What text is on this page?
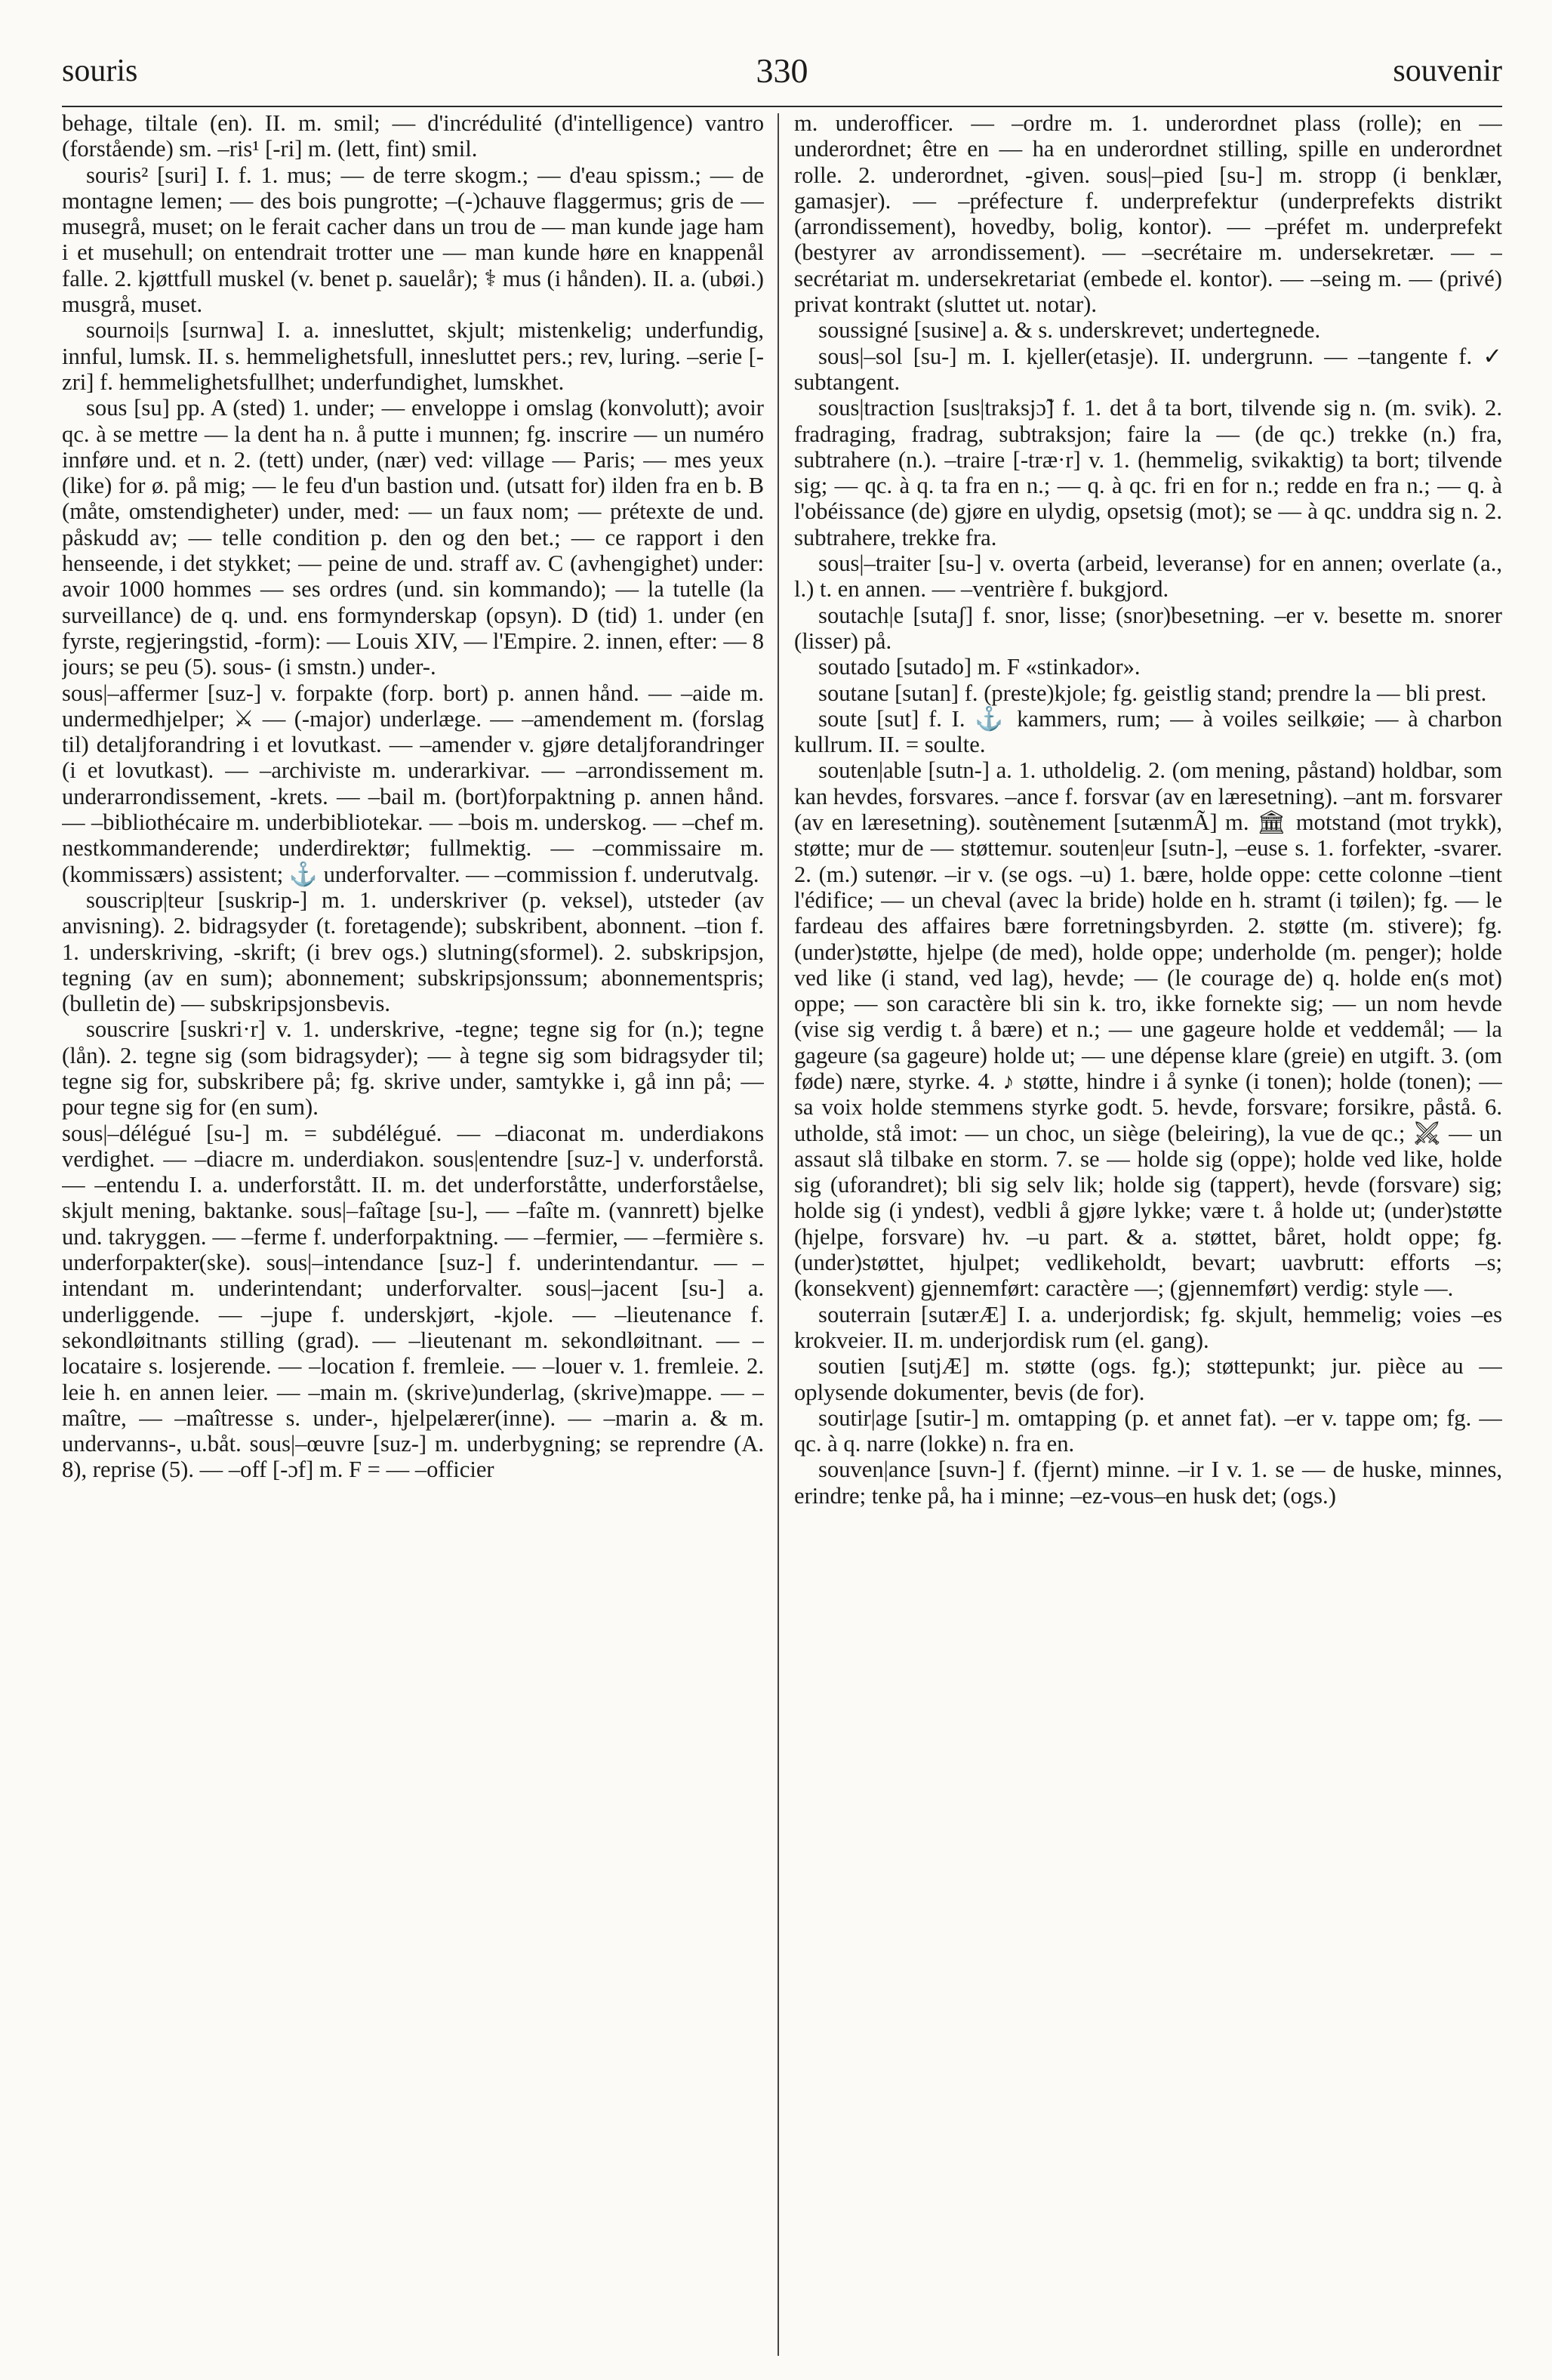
souris	330	souvenir

behage, tiltale (en). II. m. smil; — d'incrédulité (d'intelligence) vantro (forstående) sm. –ris¹ [-ri] m. (lett, fint) smil.

souris² [suri] I. f. 1. mus; — de terre skogm.; — d'eau spissm.; — de montagne lemen; — des bois pungrotte; –(-)chauve flaggermus; gris de — musegrå, muset; on le ferait cacher dans un trou de — man kunde jage ham i et musehull; on entendrait trotter une — man kunde høre en knappenål falle. 2. kjøttfull muskel (v. benet p. sauelår); ⚕ mus (i hånden). II. a. (ubøi.) musgrå, muset.

sournoi|s [surnwa] I. a. innesluttet, skjult; mistenkelig; underfundig, innful, lumsk. II. s. hemmelighetsfull, innesluttet pers.; rev, luring. –serie [-zri] f. hemmelighetsfullhet; underfundighet, lumskhet.

sous [su] pp. A (sted) 1. under; — enveloppe i omslag (konvolutt); avoir qc. à se mettre — la dent ha n. å putte i munnen; fg. inscrire — un numéro innføre und. et n. 2. (tett) under, (nær) ved: village — Paris; — mes yeux (like) for ø. på mig; — le feu d'un bastion und. (utsatt for) ilden fra en b. B (måte, omstendigheter) under, med: — un faux nom; — prétexte de und. påskudd av; — telle condition p. den og den bet.; — ce rapport i den henseende, i det stykket; — peine de und. straff av. C (avhengighet) under: avoir 1000 hommes — ses ordres (und. sin kommando); — la tutelle (la surveillance) de q. und. ens formynderskap (opsyn). D (tid) 1. under (en fyrste, regjeringstid, -form): — Louis XIV, — l'Empire. 2. innen, efter: — 8 jours; se peu (5). sous- (i smstn.) under-.

sous|–affermer [suz-] v. forpakte (forp. bort) p. annen hånd. — –aide m. undermedhjelper; ⚔ — (-major) underlæge. — –amendement m. (forslag til) detaljforandring i et lovutkast. — –amender v. gjøre detaljforandringer (i et lovutkast). — –archiviste m. underarkivar. — –arrondissement m. underarrondissement, -krets. — –bail m. (bort)forpaktning p. annen hånd. — –bibliothécaire m. underbibliotekar. — –bois m. underskog. — –chef m. nestkommanderende; underdirektør; fullmektig. — –commissaire m. (kommissærs) assistent; ⚓ underforvalter. — –commission f. underutvalg.

souscrip|teur [suskrip-] m. 1. underskriver (p. veksel), utsteder (av anvisning). 2. bidragsyder (t. foretagende); subskribent, abonnent. –tion f. 1. underskriving, -skrift; (i brev ogs.) slutning(sformel). 2. subskripsjon, tegning (av en sum); abonnement; subskripsjonssum; abonnementspris; (bulletin de) — subskripsjonsbevis.

souscrire [suskri·r] v. 1. underskrive, -tegne; tegne sig for (n.); tegne (lån). 2. tegne sig (som bidragsyder); — à tegne sig som bidragsyder til; tegne sig for, subskribere på; fg. skrive under, samtykke i, gå inn på; — pour tegne sig for (en sum).

sous|–délégué [su-] m. = subdélégué. — –diaconat m. underdiakons verdighet. — –diacre m. underdiakon. sous|entendre [suz-] v. underforstå. — –entendu I. a. underforstått. II. m. det underforståtte, underforståelse, skjult mening, baktanke. sous|–faîtage [su-], — –faîte m. (vannrett) bjelke und. takryggen. — –ferme f. underforpaktning. — –fermier, — –fermière s. underforpakter(ske). sous|–intendance [suz-] f. underintendantur. — –intendant m. underintendant; underforvalter. sous|–jacent [su-] a. underliggende. — –jupe f. underskjørt, -kjole. — –lieutenance f. sekondløitnants stilling (grad). — –lieutenant m. sekondløitnant. — –locataire s. losjerende. — –location f. fremleie. — –louer v. 1. fremleie. 2. leie h. en annen leier. — –main m. (skrive)underlag, (skrive)mappe. — –maître, — –maîtresse s. under-, hjelpelærer(inne). — –marin a. & m. undervanns-, u.båt. sous|–œuvre [suz-] m. underbygning; se reprendre (A. 8), reprise (5). — –off [-ɔf] m. F = — –officier

m. underofficer. — –ordre m. 1. underordnet plass (rolle); en — underordnet; être en — ha en underordnet stilling, spille en underordnet rolle. 2. underordnet, -given. sous|–pied [su-] m. stropp (i benklær, gamasjer). — –préfecture f. underprefektur (underprefekts distrikt (arrondissement), hovedby, bolig, kontor). — –préfet m. underprefekt (bestyrer av arrondissement). — –secrétaire m. undersekretær. — –secrétariat m. undersekretariat (embede el. kontor). — –seing m. — (privé) privat kontrakt (sluttet ut. notar).

soussigné [susiɴe] a. & s. underskrevet; undertegnede.

sous|–sol [su-] m. I. kjeller(etasje). II. undergrunn. — –tangente f. ✓ subtangent.

sous|traction [sus|traksjɔ̃] f. 1. det å ta bort, tilvende sig n. (m. svik). 2. fradraging, fradrag, subtraksjon; faire la — (de qc.) trekke (n.) fra, subtrahere (n.). –traire [-træ·r] v. 1. (hemmelig, svikaktig) ta bort; tilvende sig; — qc. à q. ta fra en n.; — q. à qc. fri en for n.; redde en fra n.; — q. à l'obéissance (de) gjøre en ulydig, opsetsig (mot); se — à qc. unddra sig n. 2. subtrahere, trekke fra.

sous|–traiter [su-] v. overta (arbeid, leveranse) for en annen; overlate (a., l.) t. en annen. — –ventrière f. bukgjord.

soutach|e [sutaʃ] f. snor, lisse; (snor)besetning. –er v. besette m. snorer (lisser) på.

soutado [sutado] m. F «stinkador».

soutane [sutan] f. (preste)kjole; fg. geistlig stand; prendre la — bli prest.

soute [sut] f. I. ⚓ kammers, rum; — à voiles seilkøie; — à charbon kullrum. II. = soulte.

souten|able [sutn-] a. 1. utholdelig. 2. (om mening, påstand) holdbar, som kan hevdes, forsvares. –ance f. forsvar (av en læresetning). –ant m. forsvarer (av en læresetning). soutènement [sutænmÃ] m. 🏛 motstand (mot trykk), støtte; mur de — støttemur. souten|eur [sutn-], –euse s. 1. forfekter, -svarer. 2. (m.) sutenør. –ir v. (se ogs. –u) 1. bære, holde oppe: cette colonne –tient l'édifice; — un cheval (avec la bride) holde en h. stramt (i tøilen); fg. — le fardeau des affaires bære forretningsbyrden. 2. støtte (m. stivere); fg. (under)støtte, hjelpe (de med), holde oppe; underholde (m. penger); holde ved like (i stand, ved lag), hevde; — (le courage de) q. holde en(s mot) oppe; — son caractère bli sin k. tro, ikke fornekte sig; — un nom hevde (vise sig verdig t. å bære) et n.; — une gageure holde et veddemål; — la gageure (sa gageure) holde ut; — une dépense klare (greie) en utgift. 3. (om føde) nære, styrke. 4. ♪ støtte, hindre i å synke (i tonen); holde (tonen); — sa voix holde stemmens styrke godt. 5. hevde, forsvare; forsikre, påstå. 6. utholde, stå imot: — un choc, un siège (beleiring), la vue de qc.; ⚔ — un assaut slå tilbake en storm. 7. se — holde sig (oppe); holde ved like, holde sig (uforandret); bli sig selv lik; holde sig (tappert), hevde (forsvare) sig; holde sig (i yndest), vedbli å gjøre lykke; være t. å holde ut; (under)støtte (hjelpe, forsvare) hv. –u part. & a. støttet, båret, holdt oppe; fg. (under)støttet, hjulpet; vedlikeholdt, bevart; uavbrutt: efforts –s; (konsekvent) gjennemført: caractère —; (gjennemført) verdig: style —.

souterrain [sutærÆ] I. a. underjordisk; fg. skjult, hemmelig; voies –es krokveier. II. m. underjordisk rum (el. gang).

soutien [sutjÆ] m. støtte (ogs. fg.); støttepunkt; jur. pièce au — oplysende dokumenter, bevis (de for).

soutir|age [sutir-] m. omtapping (p. et annet fat). –er v. tappe om; fg. — qc. à q. narre (lokke) n. fra en.

souven|ance [suvn-] f. (fjernt) minne. –ir I v. 1. se — de huske, minnes, erindre; tenke på, ha i minne; –ez-vous–en husk det; (ogs.)
